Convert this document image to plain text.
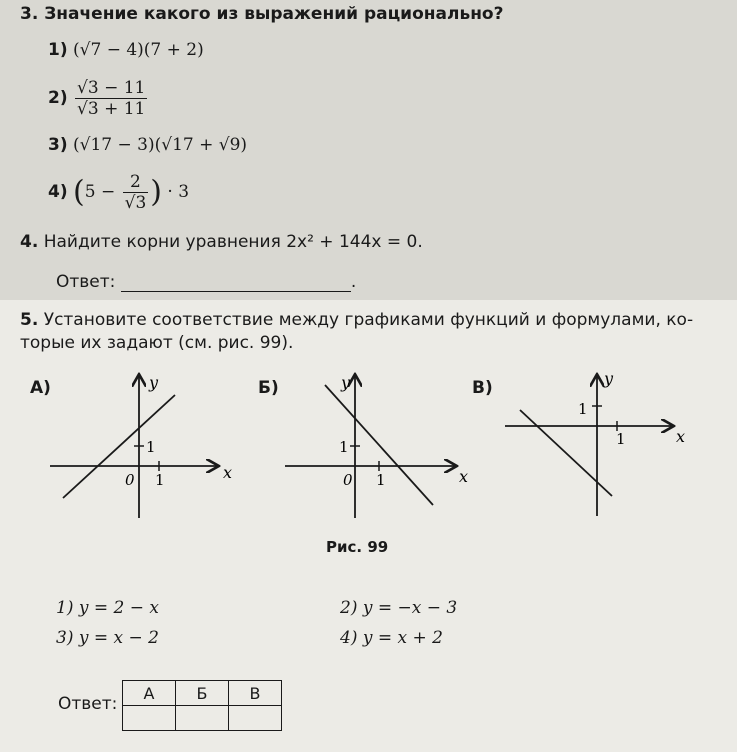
3. Значение какого из выражений рационально?
1) (√7 − 4)(7 + 2)
$2) \frac{√3 - 11}{√3 + 11}$
3) (√17 − 3)(√17 + √9)
4) ($5 - \frac{2}{√3}$ ) · 3
4. Найдите корни уравнения 2x² + 144x = 0.
Ответ:	.
5. Установите соответствие между графиками функций и формулами, ко-
торые их задают (см. рис. 99).
А)	Б)	В)
y
x
0 1
1
y
x
0 1
1
y
x
1
1
Рис. 99
1) y = 2 − x	2) y = −x − 3
3) y = x − 2	4) y = x + 2
Ответ:
А	Б	В
